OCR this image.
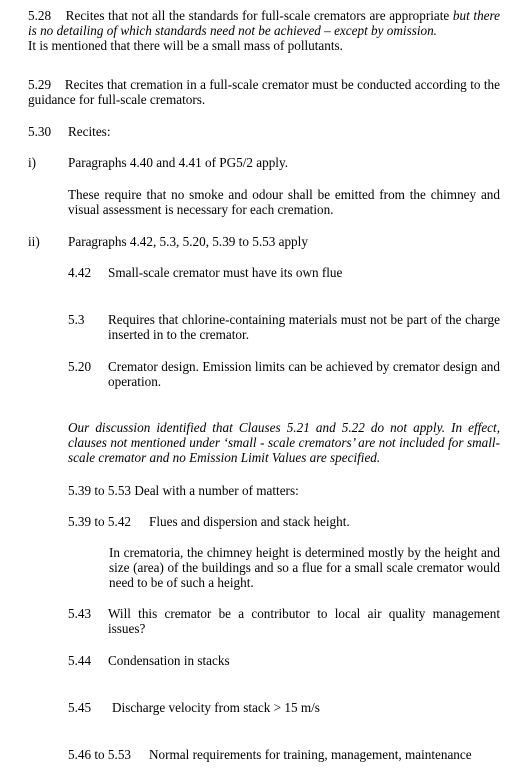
5.28 Recites that not all the standards for full-scale cremators are appropriate but there is no detailing of which standards need not be achieved – except by omission.
It is mentioned that there will be a small mass of pollutants.
5.29 Recites that cremation in a full-scale cremator must be conducted according to the guidance for full-scale cremators.
5.30 Recites:
i) Paragraphs 4.40 and 4.41 of PG5/2 apply.
These require that no smoke and odour shall be emitted from the chimney and visual assessment is necessary for each cremation.
ii) Paragraphs 4.42, 5.3, 5.20, 5.39 to 5.53 apply
4.42 Small-scale cremator must have its own flue
5.3 Requires that chlorine-containing materials must not be part of the charge inserted in to the cremator.
5.20 Cremator design. Emission limits can be achieved by cremator design and operation.
Our discussion identified that Clauses 5.21 and 5.22 do not apply. In effect, clauses not mentioned under ‘small - scale cremators’ are not included for small-scale cremator and no Emission Limit Values are specified.
5.39 to 5.53 Deal with a number of matters:
5.39 to 5.42 Flues and dispersion and stack height.
In crematoria, the chimney height is determined mostly by the height and size (area) of the buildings and so a flue for a small scale cremator would need to be of such a height.
5.43 Will this cremator be a contributor to local air quality management issues?
5.44 Condensation in stacks
5.45 Discharge velocity from stack > 15 m/s
5.46 to 5.53 Normal requirements for training, management, maintenance
